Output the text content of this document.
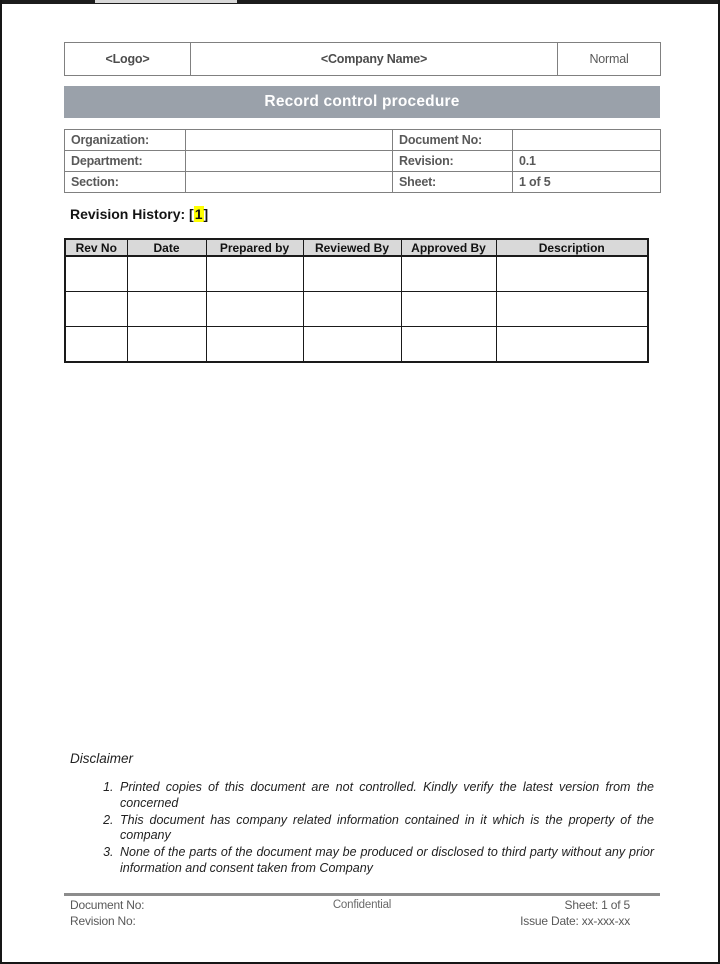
<Logo>	<Company Name>	Normal
Record control procedure
Organization:		Document No:	
Department:		Revision:	0.1
Section:		Sheet:	1 of 5
Revision History: [1]
Rev No	Date	Prepared by	Reviewed By	Approved By	Description

Disclaimer
1. Printed copies of this document are not controlled. Kindly verify the latest version from the concerned
2. This document has company related information contained in it which is the property of the company
3. None of the parts of the document may be produced or disclosed to third party without any prior information and consent taken from Company
Document No:
Revision No:
Confidential	Sheet: 1 of 5
Issue Date: xx-xxx-xx
